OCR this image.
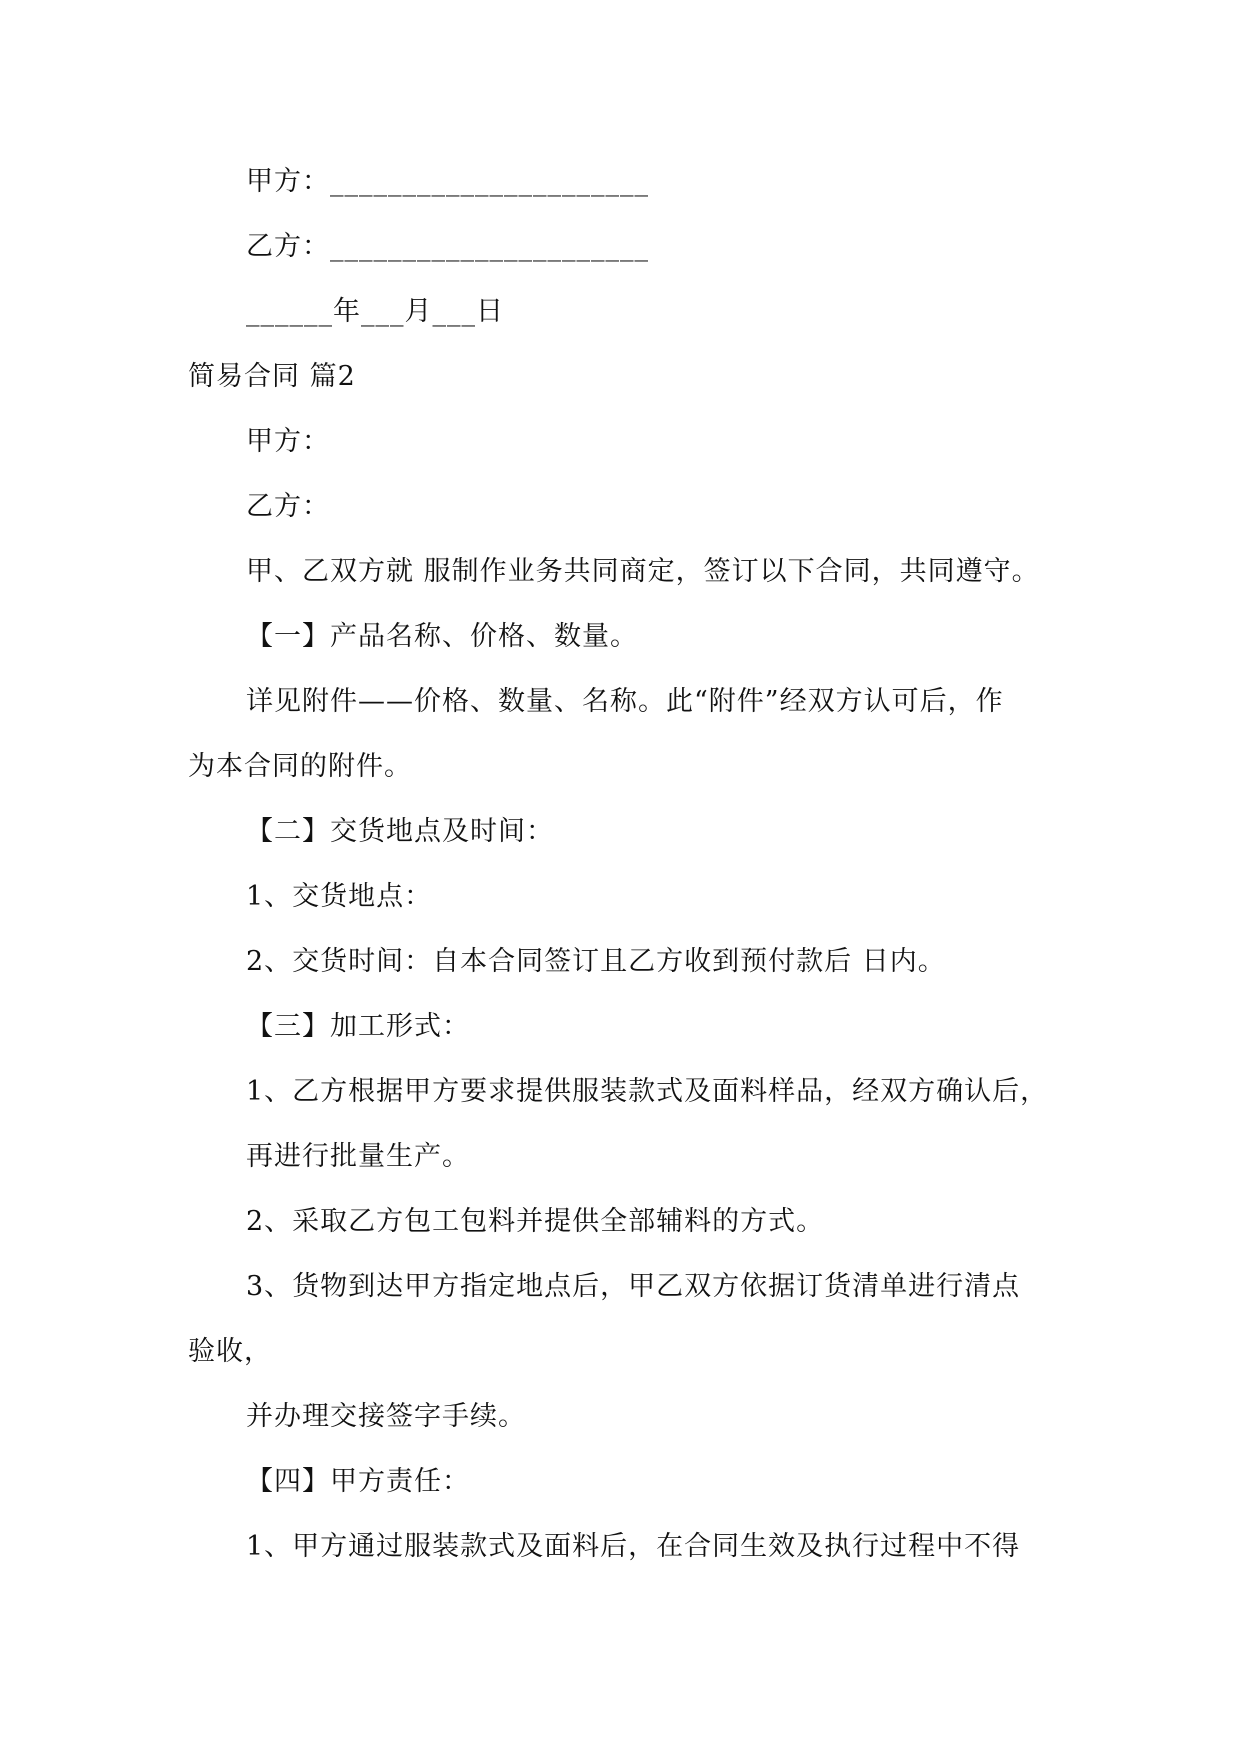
甲方：______________________
乙方：______________________
______年___月___日
简易合同 篇2
甲方：
乙方：
甲、乙双方就 服制作业务共同商定，签订以下合同，共同遵守。
【一】产品名称、价格、数量。
详见附件——价格、数量、名称。此“附件”经双方认可后，作
为本合同的附件。
【二】交货地点及时间：
1、交货地点：
2、交货时间：自本合同签订且乙方收到预付款后 日内。
【三】加工形式：
1、乙方根据甲方要求提供服装款式及面料样品，经双方确认后，
再进行批量生产。
2、采取乙方包工包料并提供全部辅料的方式。
3、货物到达甲方指定地点后，甲乙双方依据订货清单进行清点
验收，
并办理交接签字手续。
【四】甲方责任：
1、甲方通过服装款式及面料后，在合同生效及执行过程中不得
